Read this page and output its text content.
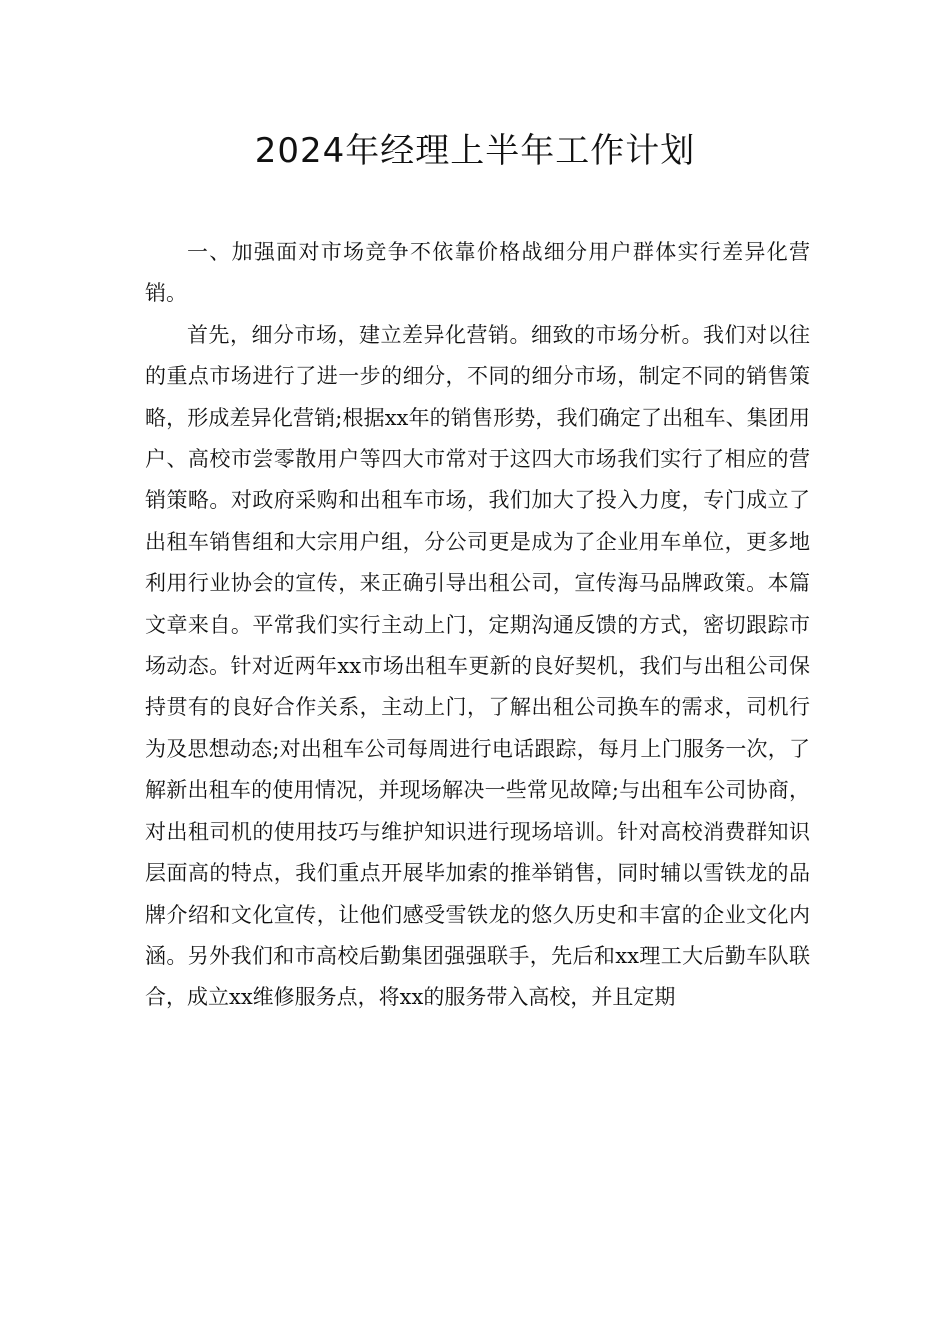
2024年经理上半年工作计划

一、加强面对市场竞争不依靠价格战细分用户群体实行差异化营销。

首先，细分市场，建立差异化营销。细致的市场分析。我们对以往的重点市场进行了进一步的细分，不同的细分市场，制定不同的销售策略，形成差异化营销;根据xx年的销售形势，我们确定了出租车、集团用户、高校市尝零散用户等四大市常对于这四大市场我们实行了相应的营销策略。对政府采购和出租车市场，我们加大了投入力度，专门成立了出租车销售组和大宗用户组，分公司更是成为了企业用车单位，更多地利用行业协会的宣传，来正确引导出租公司，宣传海马品牌政策。本篇文章来自。平常我们实行主动上门，定期沟通反馈的方式，密切跟踪市场动态。针对近两年xx市场出租车更新的良好契机，我们与出租公司保持贯有的良好合作关系，主动上门，了解出租公司换车的需求，司机行为及思想动态;对出租车公司每周进行电话跟踪，每月上门服务一次，了解新出租车的使用情况，并现场解决一些常见故障;与出租车公司协商，对出租司机的使用技巧与维护知识进行现场培训。针对高校消费群知识层面高的特点，我们重点开展毕加索的推举销售，同时辅以雪铁龙的品牌介绍和文化宣传，让他们感受雪铁龙的悠久历史和丰富的企业文化内涵。另外我们和市高校后勤集团强强联手，先后和xx理工大后勤车队联合，成立xx维修服务点，将xx的服务带入高校，并且定期
